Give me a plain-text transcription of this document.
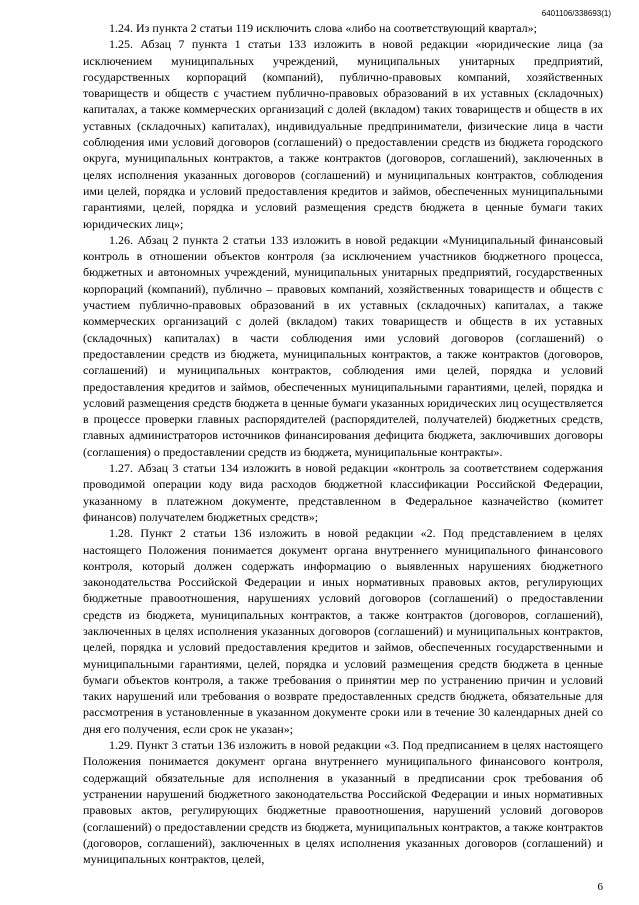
6401106/338693(1)

1.24. Из пункта 2 статьи 119 исключить слова «либо на соответствующий квартал»;

1.25. Абзац 7 пункта 1 статьи 133 изложить в новой редакции «юридические лица (за исключением муниципальных учреждений, муниципальных унитарных предприятий, государственных корпораций (компаний), публично-правовых компаний, хозяйственных товариществ и обществ с участием публично-правовых образований в их уставных (складочных) капиталах, а также коммерческих организаций с долей (вкладом) таких товариществ и обществ в их уставных (складочных) капиталах), индивидуальные предприниматели, физические лица в части соблюдения ими условий договоров (соглашений) о предоставлении средств из бюджета городского округа, муниципальных контрактов, а также контрактов (договоров, соглашений), заключенных в целях исполнения указанных договоров (соглашений) и муниципальных контрактов, соблюдения ими целей, порядка и условий предоставления кредитов и займов, обеспеченных муниципальными гарантиями, целей, порядка и условий размещения средств бюджета в ценные бумаги таких юридических лиц»;

1.26. Абзац 2 пункта 2 статьи 133 изложить в новой редакции «Муниципальный финансовый контроль в отношении объектов контроля (за исключением участников бюджетного процесса, бюджетных и автономных учреждений, муниципальных унитарных предприятий, государственных корпораций (компаний), публично – правовых компаний, хозяйственных товариществ и обществ с участием публично-правовых образований в их уставных (складочных) капиталах, а также коммерческих организаций с долей (вкладом) таких товариществ и обществ в их уставных (складочных) капиталах) в части соблюдения ими условий договоров (соглашений) о предоставлении средств из бюджета, муниципальных контрактов, а также контрактов (договоров, соглашений) и муниципальных контрактов, соблюдения ими целей, порядка и условий предоставления кредитов и займов, обеспеченных муниципальными гарантиями, целей, порядка и условий размещения средств бюджета в ценные бумаги указанных юридических лиц осуществляется в процессе проверки главных распорядителей (распорядителей, получателей) бюджетных средств, главных администраторов источников финансирования дефицита бюджета, заключивших договоры (соглашения) о предоставлении средств из бюджета, муниципальные контракты».

1.27. Абзац 3 статьи 134 изложить в новой редакции «контроль за соответствием содержания проводимой операции коду вида расходов бюджетной классификации Российской Федерации, указанному в платежном документе, представленном в Федеральное казначейство (комитет финансов) получателем бюджетных средств»;

1.28. Пункт 2 статьи 136 изложить в новой редакции «2. Под представлением в целях настоящего Положения понимается документ органа внутреннего муниципального финансового контроля, который должен содержать информацию о выявленных нарушениях бюджетного законодательства Российской Федерации и иных нормативных правовых актов, регулирующих бюджетные правоотношения, нарушениях условий договоров (соглашений) о предоставлении средств из бюджета, муниципальных контрактов, а также контрактов (договоров, соглашений), заключенных в целях исполнения указанных договоров (соглашений) и муниципальных контрактов, целей, порядка и условий предоставления кредитов и займов, обеспеченных государственными и муниципальными гарантиями, целей, порядка и условий размещения средств бюджета в ценные бумаги объектов контроля, а также требования о принятии мер по устранению причин и условий таких нарушений или требования о возврате предоставленных средств бюджета, обязательные для рассмотрения в установленные в указанном документе сроки или в течение 30 календарных дней со дня его получения, если срок не указан»;

1.29. Пункт 3 статьи 136 изложить в новой редакции «3. Под предписанием в целях настоящего Положения понимается документ органа внутреннего муниципального финансового контроля, содержащий обязательные для исполнения в указанный в предписании срок требования об устранении нарушений бюджетного законодательства Российской Федерации и иных нормативных правовых актов, регулирующих бюджетные правоотношения, нарушений условий договоров (соглашений) о предоставлении средств из бюджета, муниципальных контрактов, а также контрактов (договоров, соглашений), заключенных в целях исполнения указанных договоров (соглашений) и муниципальных контрактов, целей,

6
